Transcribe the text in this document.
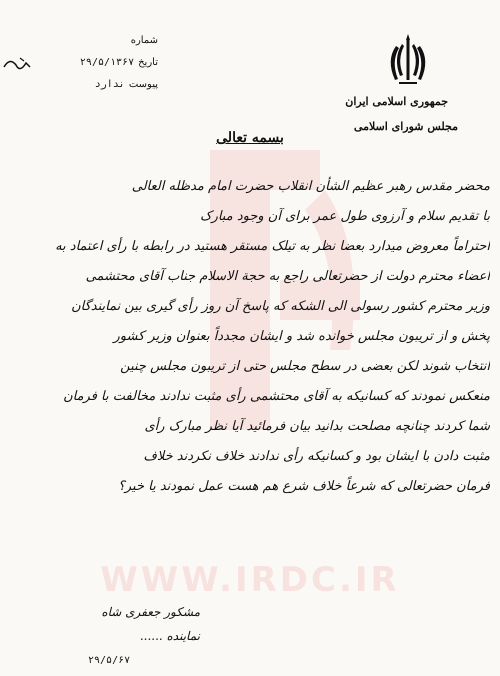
WWW.IRDC.IR
شماره
تاریخ
۲۹/۵/۱۳۶۷
پیوست
ندارد
جمهوری اسلامی ایران
مجلس شورای اسلامی
بسمه تعالی
محضر مقدس رهبر عظیم الشأن انقلاب حضرت امام مدظله العالی
با تقدیم سلام و آرزوی طول عمر برای آن وجود مبارک
احتراماً معروض میدارد بعضا نظر به تیلک مستقر هستید در رابطه با رأی اعتماد به
اعضاء محترم دولت از حضرتعالی راجع به حجة الاسلام جناب آقای محتشمی
وزیر محترم کشور رسولی الی الشکه که پاسخ آن روز رأی گیری بین نمایندگان
پخش و از تریبون مجلس خوانده شد و ایشان مجدداً بعنوان وزیر کشور
انتخاب شوند لکن بعضی در سطح مجلس حتی از تریبون مجلس چنین
منعکس نمودند که کسانیکه به آقای محتشمی رأی مثبت ندادند مخالفت با فرمان
شما کردند چنانچه مصلحت بدانید بیان فرمائید آیا نظر مبارک رأی
مثبت دادن با ایشان بود و کسانیکه رأی ندادند خلاف نکردند خلاف
فرمان حضرتعالی که شرعاً خلاف شرع هم هست عمل نمودند یا خیر؟
مشکور جعفری شاه
نماینده ......
۲۹/۵/۶۷
